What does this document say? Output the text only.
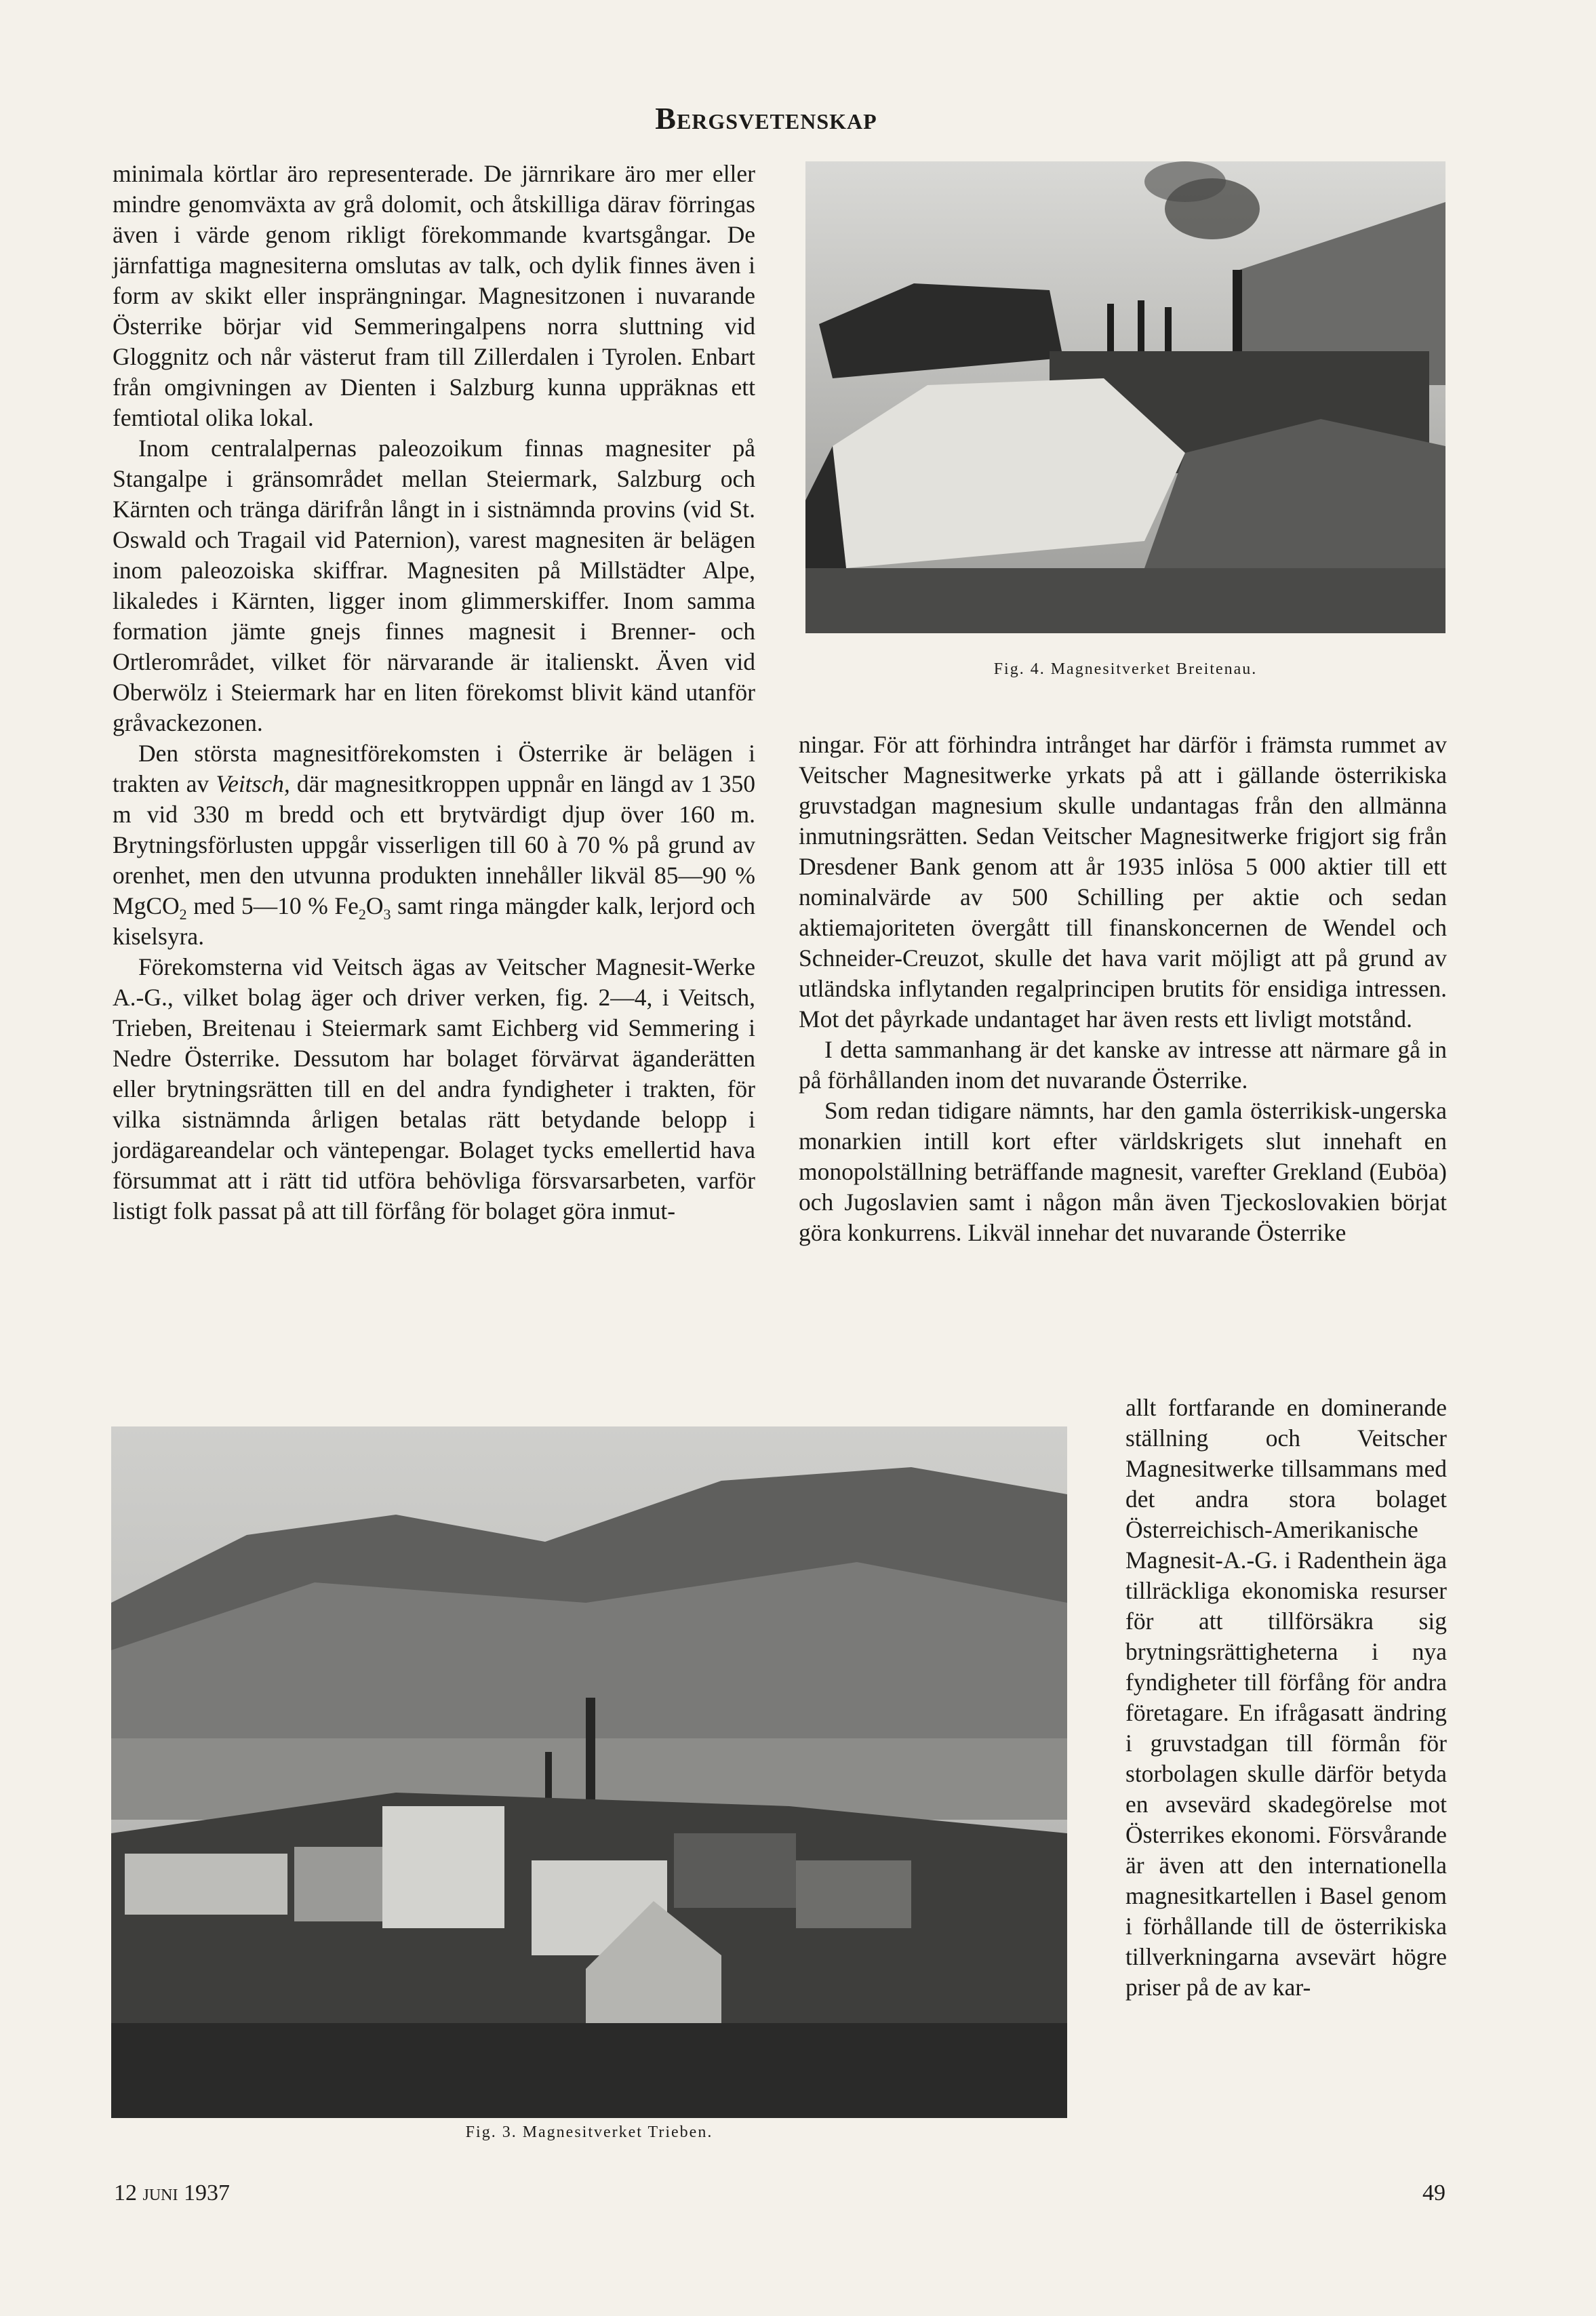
Bergsvetenskap

minimala körtlar äro representerade. De järnrikare äro mer eller mindre genomväxta av grå dolomit, och åtskilliga därav förringas även i värde genom rikligt förekommande kvartsgångar. De järnfattiga magnesiterna omslutas av talk, och dylik finnes även i form av skikt eller insprängningar. Magnesitzonen i nuvarande Österrike börjar vid Semmeringalpens norra sluttning vid Gloggnitz och når västerut fram till Zillerdalen i Tyrolen. Enbart från omgivningen av Dienten i Salzburg kunna uppräknas ett femtiotal olika lokal.

Inom centralalpernas paleozoikum finnas magnesiter på Stangalpe i gränsområdet mellan Steiermark, Salzburg och Kärnten och tränga därifrån långt in i sistnämnda provins (vid St. Oswald och Tragail vid Paternion), varest magnesiten är belägen inom paleozoiska skiffrar. Magnesiten på Millstädter Alpe, likaledes i Kärnten, ligger inom glimmerskiffer. Inom samma formation jämte gnejs finnes magnesit i Brenner- och Ortlerområdet, vilket för närvarande är italienskt. Även vid Oberwölz i Steiermark har en liten förekomst blivit känd utanför gråvackezonen.

Den största magnesitförekomsten i Österrike är belägen i trakten av Veitsch, där magnesitkroppen uppnår en längd av 1 350 m vid 330 m bredd och ett brytvärdigt djup över 160 m. Brytningsförlusten uppgår visserligen till 60 à 70 % på grund av orenhet, men den utvunna produkten innehåller likväl 85—90 % MgCO$_2$ med 5—10 % $Fe_2O_3$ samt ringa mängder kalk, lerjord och kiselsyra.

Förekomsterna vid Veitsch ägas av Veitscher Magnesit-Werke A.-G., vilket bolag äger och driver verken, fig. 2—4, i Veitsch, Trieben, Breitenau i Steiermark samt Eichberg vid Semmering i Nedre Österrike. Dessutom har bolaget förvärvat äganderätten eller brytningsrätten till en del andra fyndigheter i trakten, för vilka sistnämnda årligen betalas rätt betydande belopp i jordägareandelar och väntepengar. Bolaget tycks emellertid hava försummat att i rätt tid utföra behövliga försvarsarbeten, varför listigt folk passat på att till förfång för bolaget göra inmut-

Fig. 4. Magnesitverket Breitenau.

ningar. För att förhindra intrånget har därför i främsta rummet av Veitscher Magnesitwerke yrkats på att i gällande österrikiska gruvstadgan magnesium skulle undantagas från den allmänna inmutningsrätten. Sedan Veitscher Magnesitwerke frigjort sig från Dresdener Bank genom att år 1935 inlösa 5 000 aktier till ett nominalvärde av 500 Schilling per aktie och sedan aktiemajoriteten övergått till finanskoncernen de Wendel och Schneider-Creuzot, skulle det hava varit möjligt att på grund av utländska inflytanden regalprincipen brutits för ensidiga intressen. Mot det påyrkade undantaget har även rests ett livligt motstånd.

I detta sammanhang är det kanske av intresse att närmare gå in på förhållanden inom det nuvarande Österrike.

Som redan tidigare nämnts, har den gamla österrikisk-ungerska monarkien intill kort efter världskrigets slut innehaft en monopolställning beträffande magnesit, varefter Grekland (Euböa) och Jugoslavien samt i någon mån även Tjeckoslovakien börjat göra konkurrens. Likväl innehar det nuvarande Österrike

allt fortfarande en dominerande ställning och Veitscher Magnesitwerke tillsammans med det andra stora bolaget Österreichisch-Amerikanische Magnesit-A.-G. i Radenthein äga tillräckliga ekonomiska resurser för att tillförsäkra sig brytningsrättigheterna i nya fyndigheter till förfång för andra företagare. En ifrågasatt ändring i gruvstadgan till förmån för storbolagen skulle därför betyda en avsevärd skadegörelse mot Österrikes ekonomi. Försvårande är även att den internationella magnesitkartellen i Basel genom i förhållande till de österrikiska tillverkningarna avsevärt högre priser på de av kar-

Fig. 3. Magnesitverket Trieben.
12 juni 1937	49
